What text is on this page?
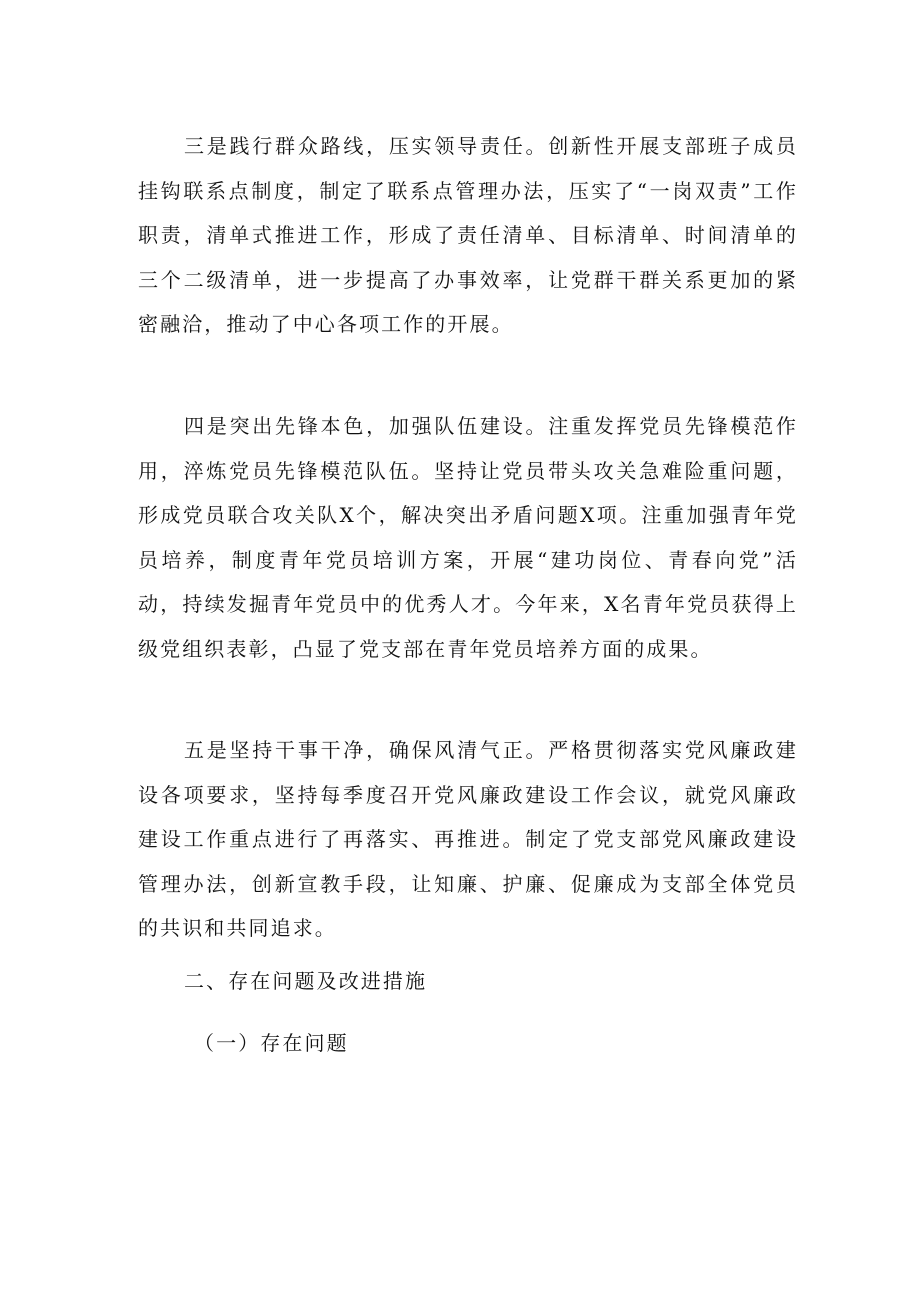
三是践行群众路线，压实领导责任。创新性开展支部班子成员挂钩联系点制度，制定了联系点管理办法，压实了“一岗双责”工作职责，清单式推进工作，形成了责任清单、目标清单、时间清单的三个二级清单，进一步提高了办事效率，让党群干群关系更加的紧密融洽，推动了中心各项工作的开展。

四是突出先锋本色，加强队伍建设。注重发挥党员先锋模范作用，淬炼党员先锋模范队伍。坚持让党员带头攻关急难险重问题，形成党员联合攻关队X个，解决突出矛盾问题X项。注重加强青年党员培养，制度青年党员培训方案，开展“建功岗位、青春向党”活动，持续发掘青年党员中的优秀人才。今年来，X名青年党员获得上级党组织表彰，凸显了党支部在青年党员培养方面的成果。

五是坚持干事干净，确保风清气正。严格贯彻落实党风廉政建设各项要求，坚持每季度召开党风廉政建设工作会议，就党风廉政建设工作重点进行了再落实、再推进。制定了党支部党风廉政建设管理办法，创新宣教手段，让知廉、护廉、促廉成为支部全体党员的共识和共同追求。

二、存在问题及改进措施
（一）存在问题
